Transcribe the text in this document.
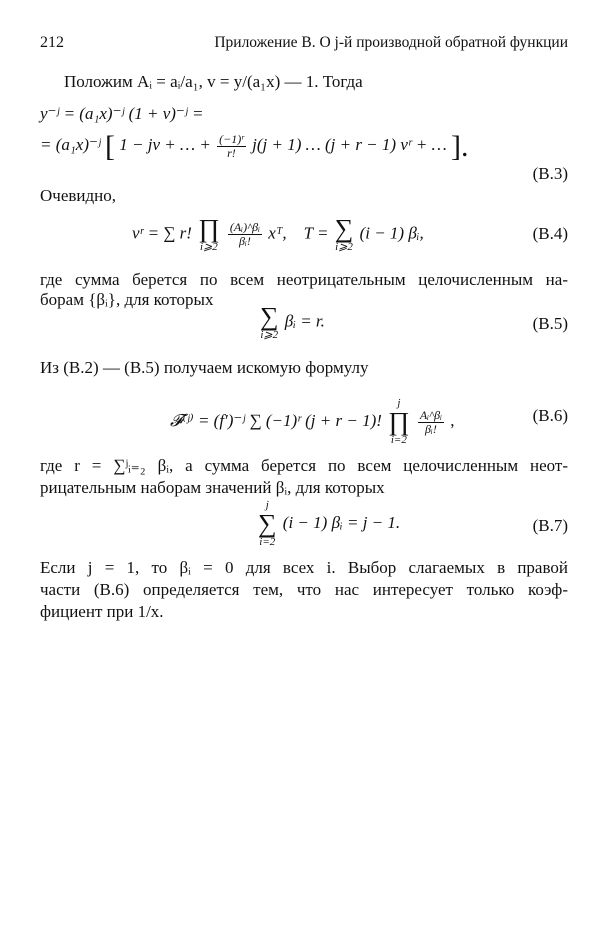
212	Приложение В. О j-й производной обратной функции
Положим Aᵢ = aᵢ/a₁, v = y/(a₁x) — 1. Тогда
y⁻ʲ = (a₁x)⁻ʲ (1 + v)⁻ʲ =
= (a₁x)⁻ʲ [ 1 − jv + … + $\frac{\text{(−1)ʳ}}{r!} j(j + 1)$ … (j + r − 1) vʳ + … ].
(В.3)
Очевидно,
vʳ = ∑ r! ∏
i⩾2
$\frac{\text{(Aᵢ)\textasciicircum{}βᵢ}}{\text{βᵢ!}}$ xᵀ, T = ∑
i⩾2
(i − 1) βᵢ,	(В.4)
где сумма берется по всем неотрицательным целочисленным на-
борам {βᵢ}, для которых
∑
i⩾2
βᵢ = r.	(В.5)
Из (В.2) — (В.5) получаем искомую формулу
𝓕⁽ʲ⁾ = (f′)⁻ʲ ∑ (−1)ʳ (j + r − 1)!
j
∏
i=2

$\frac{\text{Aᵢ\textasciicircum{}βᵢ}}{\text{βᵢ!}}$ ,	(В.6)
где r = ∑ʲᵢ₌₂ βᵢ, а сумма берется по всем целочисленным неот-
рицательным наборам значений βᵢ, для которых
j
∑
i=2
(i − 1) βᵢ = j − 1.	(В.7)
Если j = 1, то βᵢ = 0 для всех i. Выбор слагаемых в правой
части (В.6) определяется тем, что нас интересует только коэф-
фициент при 1/x.
